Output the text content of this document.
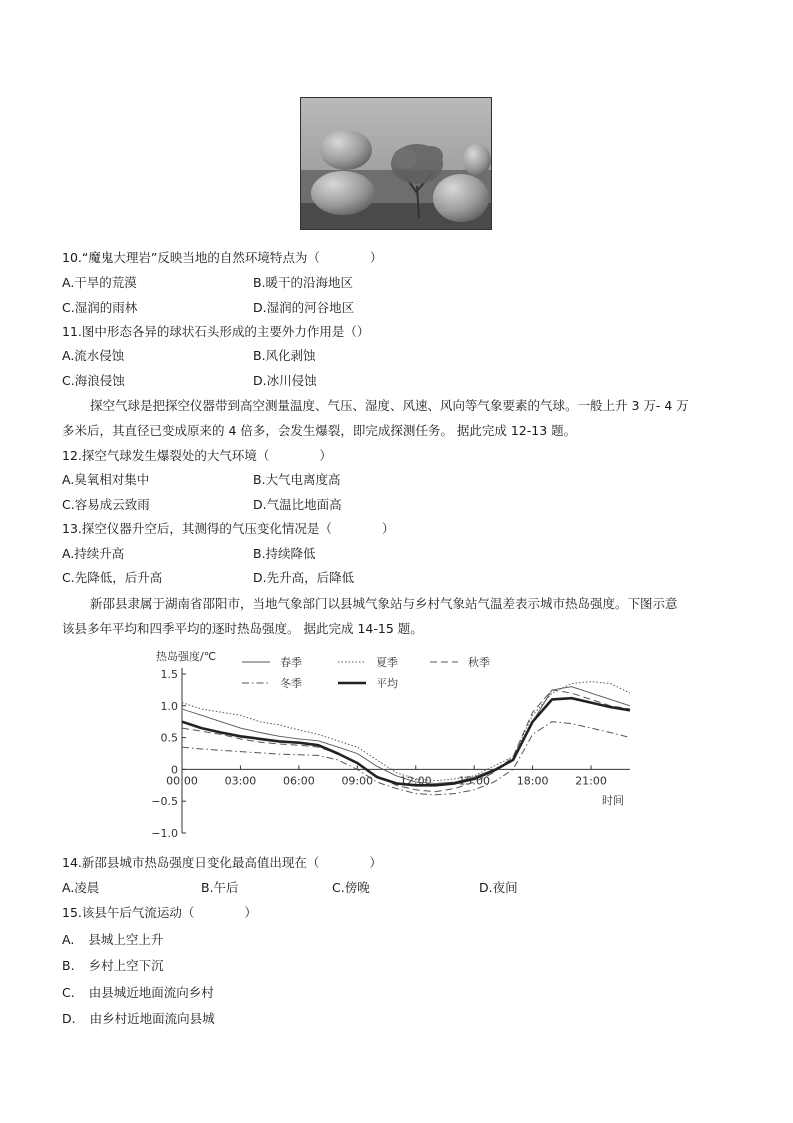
10.“魔鬼大理岩”反映当地的自然环境特点为（　　　　）
A.干旱的荒漠	B.暖干的沿海地区
C.湿润的雨林	D.湿润的河谷地区
11.图中形态各异的球状石头形成的主要外力作用是（）
A.流水侵蚀	B.风化剥蚀
C.海浪侵蚀	D.冰川侵蚀
探空气球是把探空仪器带到高空测量温度、气压、湿度、风速、风向等气象要素的气球。一般上升 3 万- 4 万
多米后，其直径已变成原来的 4 倍多，会发生爆裂，即完成探测任务。 据此完成 12-13 题。
12.探空气球发生爆裂处的大气环境（　　　　）
A.臭氧相对集中	B.大气电离度高
C.容易成云致雨	D.气温比地面高
13.探空仪器升空后，其测得的气压变化情况是（　　　　）
A.持续升高	B.持续降低
C.先降低，后升高	D.先升高，后降低
新邵县隶属于湖南省邵阳市，当地气象部门以县城气象站与乡村气象站气温差表示城市热岛强度。下图示意
该县多年平均和四季平均的逐时热岛强度。 据此完成 14-15 题。
1.5
1.0
0.5
0
−0.5
−1.0
00:00 03:00 06:00 09:00 12:00 15:00 18:00 21:00
春季	夏季	秋季
冬季	平均
热岛强度/℃
时间
14.新邵县城市热岛强度日变化最高值出现在（　　　　）
A.凌晨	B.午后	C.傍晚	D.夜间
15.该县午后气流运动（　　　　）
A. 县城上空上升
B. 乡村上空下沉
C. 由县城近地面流向乡村
D. 由乡村近地面流向县城
